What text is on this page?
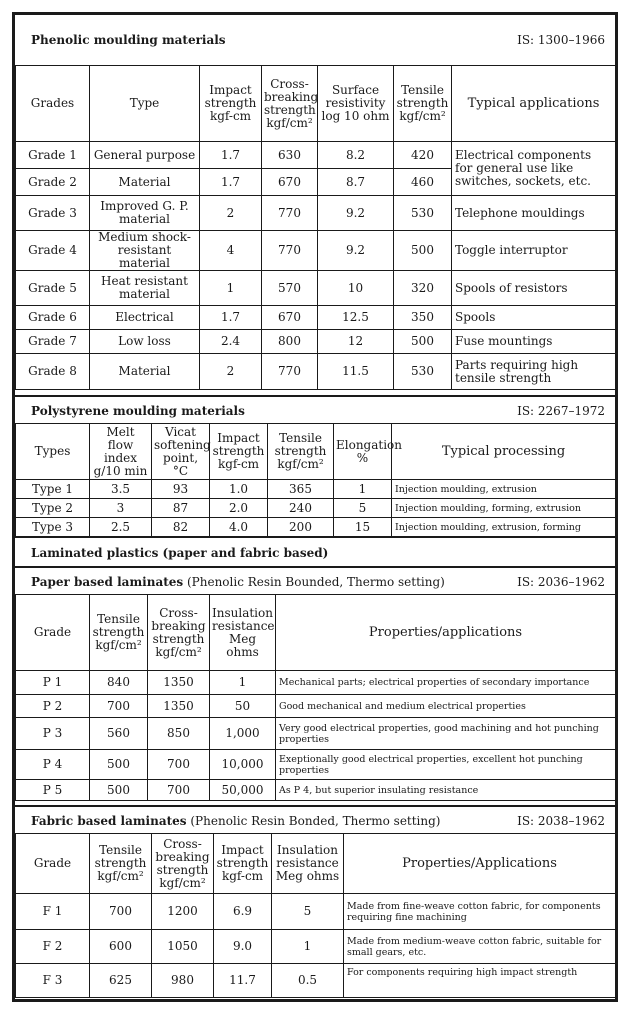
Phenolic moulding materials	IS: 1300–1966
Grades	Type	Impact strength kgf-cm	Cross-breaking strength kgf/cm²	Surface resistivity log 10 ohm	Tensile strength kgf/cm²	Typical applications
Grade 1	General purpose	1.7	630	8.2	420	Electrical components for general use like switches, sockets, etc.
Grade 2	Material	1.7	670	8.7	460	
Grade 3	Improved G. P. material	2	770	9.2	530	Telephone mouldings
Grade 4	Medium shock-resistant material	4	770	9.2	500	Toggle interruptor
Grade 5	Heat resistant material	1	570	10	320	Spools of resistors
Grade 6	Electrical	1.7	670	12.5	350	Spools
Grade 7	Low loss	2.4	800	12	500	Fuse mountings
Grade 8	Material	2	770	11.5	530	Parts requiring high tensile strength
Polystyrene moulding materials	IS: 2267–1972
Types	Melt flow index g/10 min	Vicat softening point, °C	Impact strength kgf-cm	Tensile strength kgf/cm²	Elongation %	Typical processing
Type 1	3.5	93	1.0	365	1	Injection moulding, extrusion
Type 2	3	87	2.0	240	5	Injection moulding, forming, extrusion
Type 3	2.5	82	4.0	200	15	Injection moulding, extrusion, forming
Laminated plastics (paper and fabric based)
Paper based laminates (Phenolic Resin Bounded, Thermo setting)	IS: 2036–1962
Grade	Tensile strength kgf/cm²	Cross-breaking strength kgf/cm²	Insulation resistance Meg ohms	Properties/applications
P 1	840	1350	1	Mechanical parts; electrical properties of secondary importance
P 2	700	1350	50	Good mechanical and medium electrical properties
P 3	560	850	1,000	Very good electrical properties, good machining and hot punching properties
P 4	500	700	10,000	Exeptionally good electrical properties, excellent hot punching properties
P 5	500	700	50,000	As P 4, but superior insulating resistance
Fabric based laminates (Phenolic Resin Bonded, Thermo setting)	IS: 2038–1962
Grade	Tensile strength kgf/cm²	Cross-breaking strength kgf/cm²	Impact strength kgf-cm	Insulation resistance Meg ohms	Properties/Applications
F 1	700	1200	6.9	5	Made from fine-weave cotton fabric, for components requiring fine machining
F 2	600	1050	9.0	1	Made from medium-weave cotton fabric, suitable for small gears, etc.
F 3	625	980	11.7	0.5	For components requiring high impact strength
